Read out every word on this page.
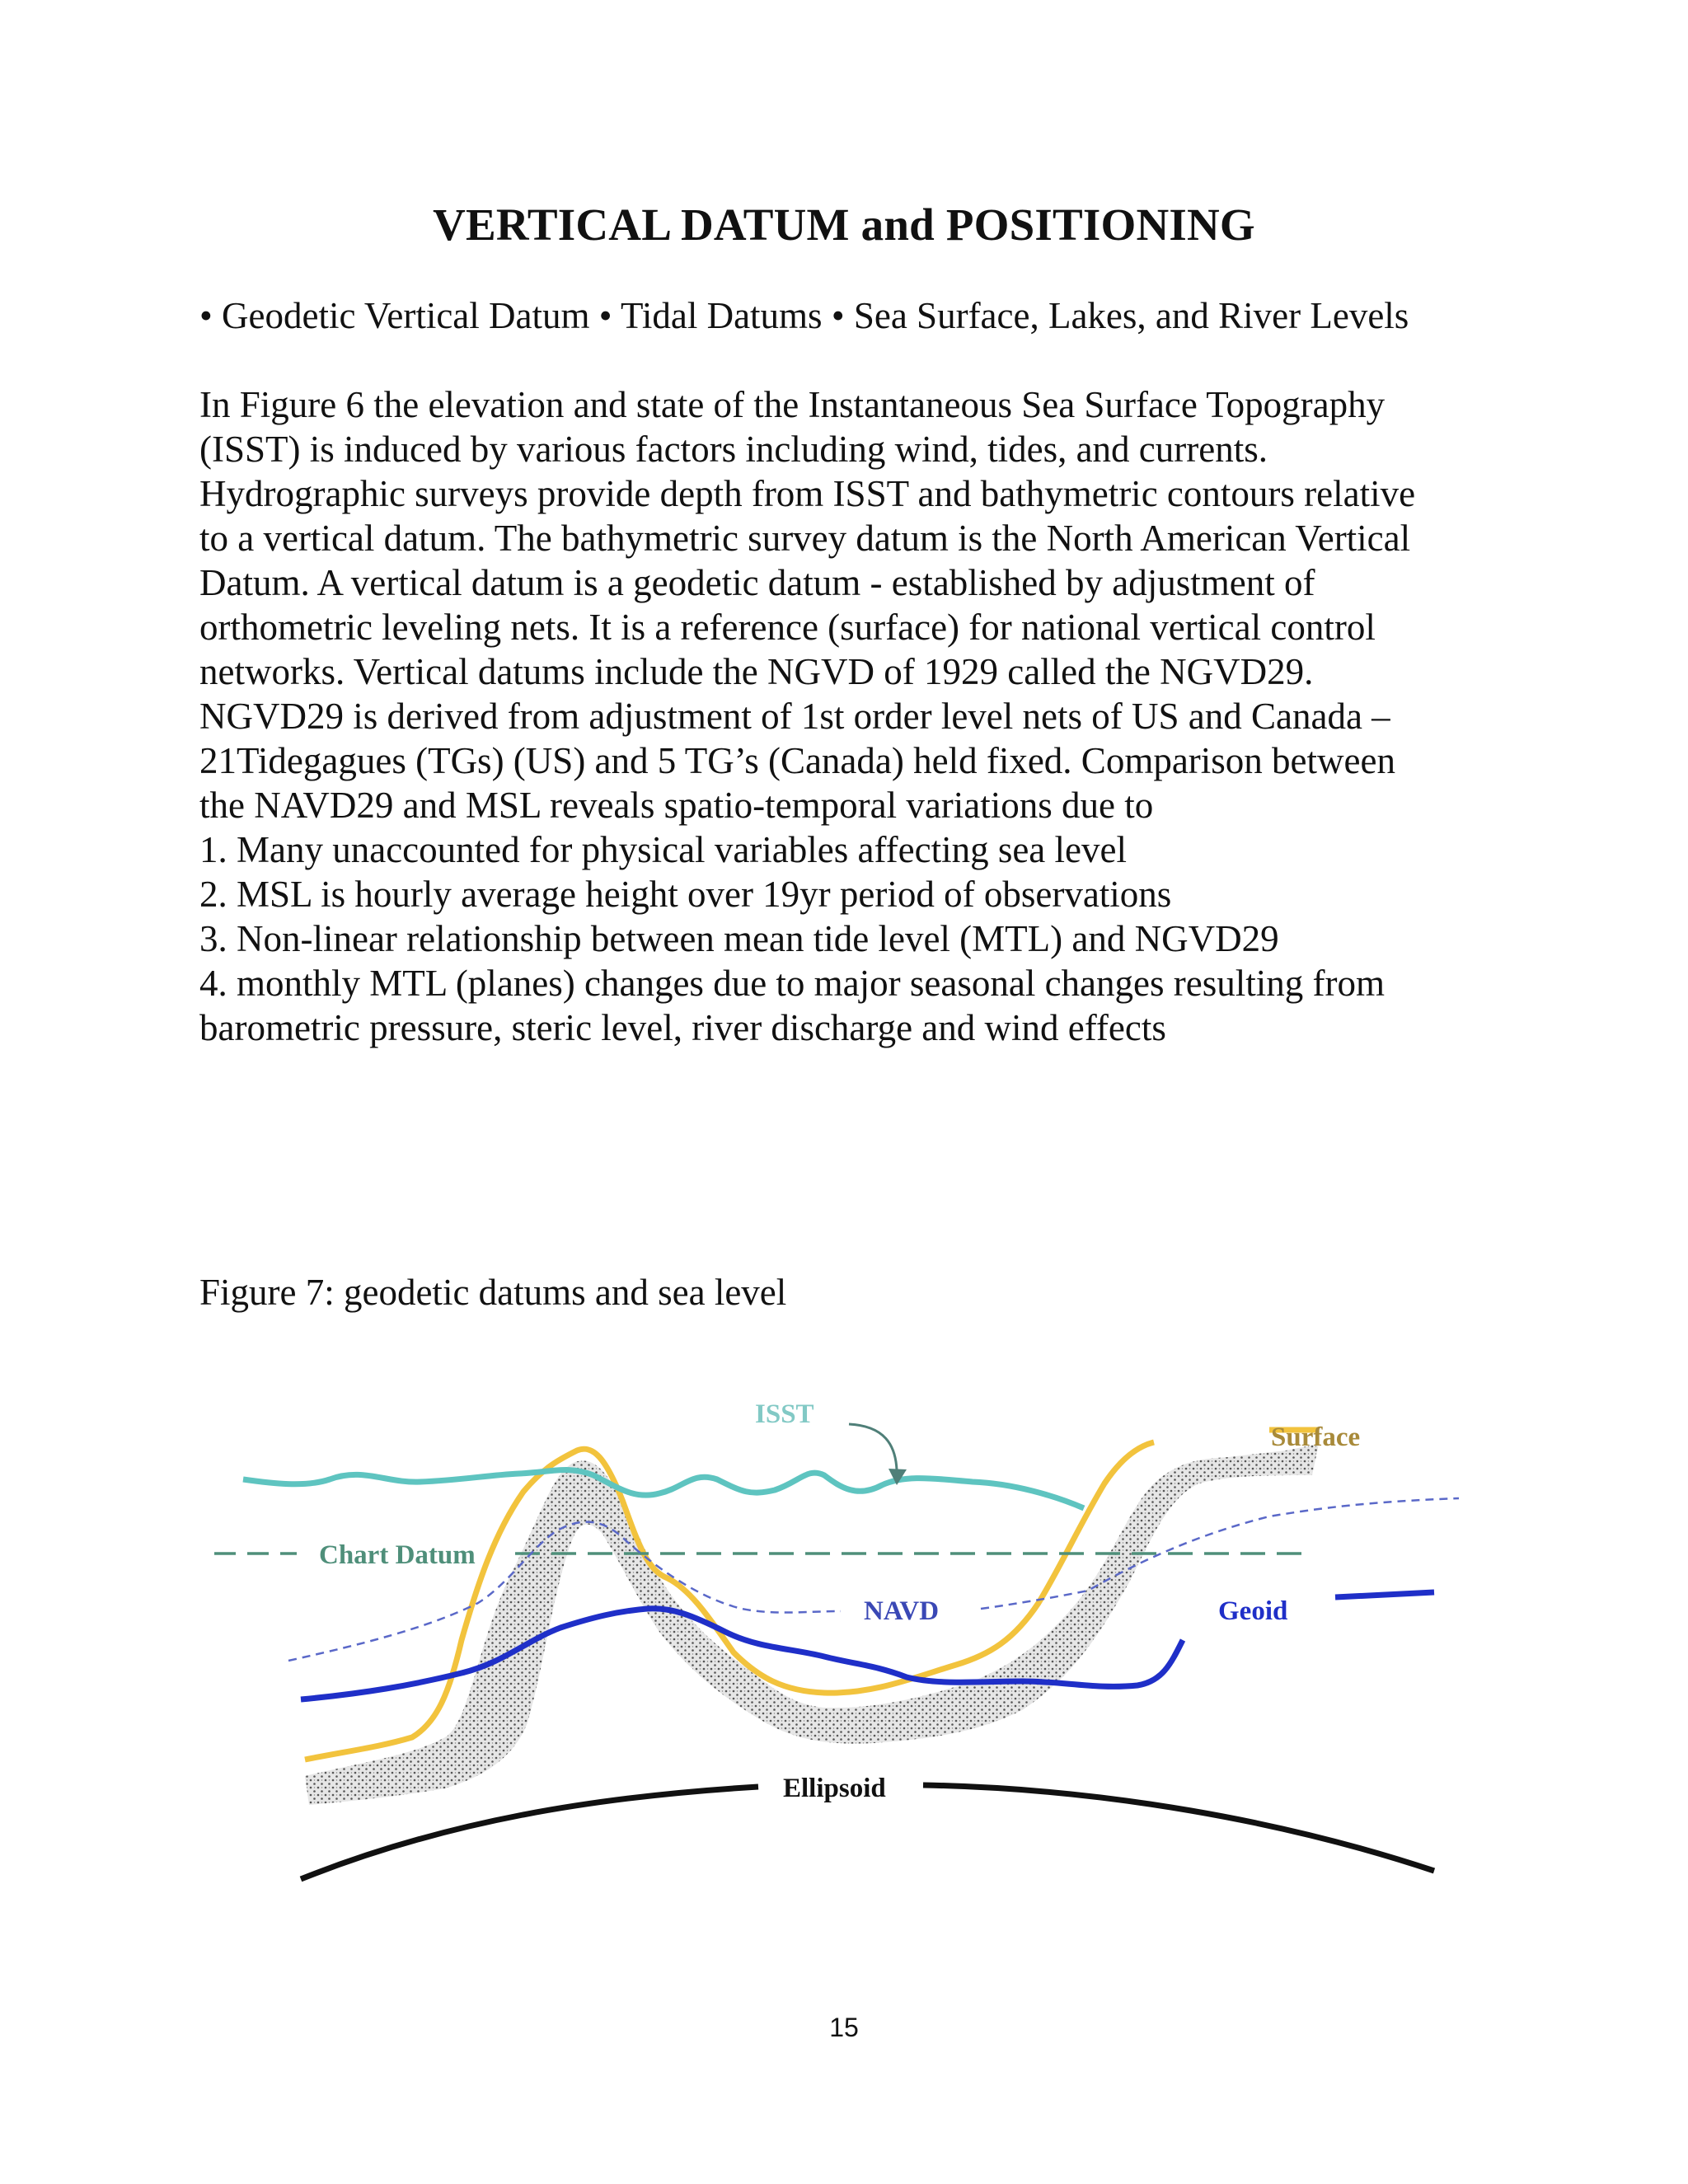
VERTICAL DATUM and POSITIONING
• Geodetic Vertical Datum • Tidal Datums • Sea Surface, Lakes, and River Levels
In Figure 6 the elevation and state of the Instantaneous Sea Surface Topography
(ISST) is induced by various factors including wind, tides, and currents.
Hydrographic surveys provide depth from ISST and bathymetric contours relative
to a vertical datum. The bathymetric survey datum is the North American Vertical
Datum. A vertical datum is a geodetic datum - established by adjustment of
orthometric leveling nets. It is a reference (surface) for national vertical control
networks. Vertical datums include the NGVD of 1929 called the NGVD29.
NGVD29 is derived from adjustment of 1st order level nets of US and Canada –
21Tidegagues (TGs) (US) and 5 TG’s (Canada) held fixed. Comparison between
the NAVD29 and MSL reveals spatio-temporal variations due to
1. Many unaccounted for physical variables affecting sea level
2. MSL is hourly average height over 19yr period of observations
3. Non-linear relationship between mean tide level (MTL) and NGVD29
4. monthly MTL (planes) changes due to major seasonal changes resulting from
barometric pressure, steric level, river discharge and wind effects
Figure 7: geodetic datums and sea level
ISST
Surface
Chart Datum
NAVD	Geoid
Ellipsoid
15
